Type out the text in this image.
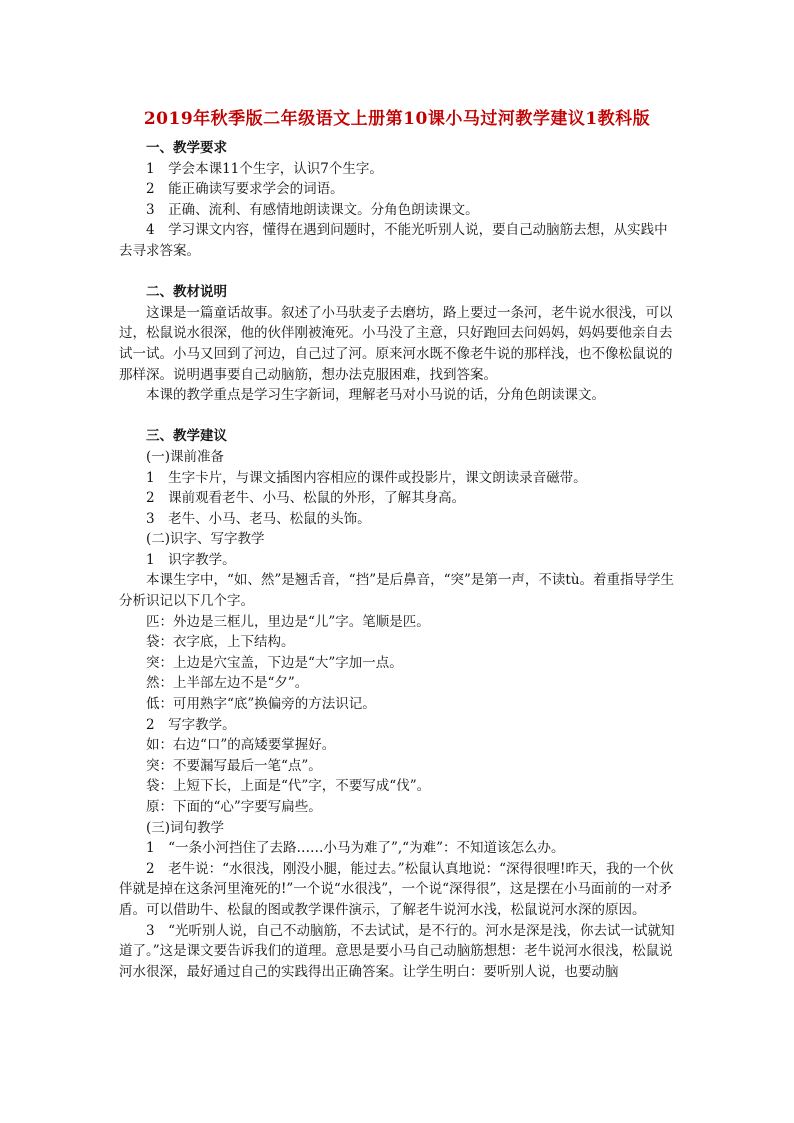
2019年秋季版二年级语文上册第10课小马过河教学建议1教科版

一、教学要求

1　学会本课11个生字，认识7个生字。

2　能正确读写要求学会的词语。

3　正确、流利、有感情地朗读课文。分角色朗读课文。

4　学习课文内容，懂得在遇到问题时，不能光听别人说，要自己动脑筋去想，从实践中去寻求答案。

二、教材说明

这课是一篇童话故事。叙述了小马驮麦子去磨坊，路上要过一条河，老牛说水很浅，可以过，松鼠说水很深，他的伙伴刚被淹死。小马没了主意，只好跑回去问妈妈，妈妈要他亲自去试一试。小马又回到了河边，自己过了河。原来河水既不像老牛说的那样浅，也不像松鼠说的那样深。说明遇事要自己动脑筋，想办法克服困难，找到答案。

本课的教学重点是学习生字新词，理解老马对小马说的话，分角色朗读课文。

三、教学建议

(一)课前准备

1　生字卡片，与课文插图内容相应的课件或投影片，课文朗读录音磁带。

2　课前观看老牛、小马、松鼠的外形，了解其身高。

3　老牛、小马、老马、松鼠的头饰。

(二)识字、写字教学

1　识字教学。

本课生字中，“如、然”是翘舌音，“挡”是后鼻音，“突”是第一声，不读tù。着重指导学生分析识记以下几个字。

匹：外边是三框儿，里边是“儿”字。笔顺是匹。

袋：衣字底，上下结构。

突：上边是穴宝盖，下边是“大”字加一点。

然：上半部左边不是“夕”。

低：可用熟字“底”换偏旁的方法识记。

2　写字教学。

如：右边“口”的高矮要掌握好。

突：不要漏写最后一笔“点”。

袋：上短下长，上面是“代”字，不要写成“伐”。

原：下面的“心”字要写扁些。

(三)词句教学

1　“一条小河挡住了去路……小马为难了”,“为难”：不知道该怎么办。

2　老牛说：“水很浅，刚没小腿，能过去。”松鼠认真地说：“深得很哩!昨天，我的一个伙伴就是掉在这条河里淹死的!”一个说“水很浅”，一个说“深得很”，这是摆在小马面前的一对矛盾。可以借助牛、松鼠的图或教学课件演示，了解老牛说河水浅，松鼠说河水深的原因。

3　“光听别人说，自己不动脑筋，不去试试，是不行的。河水是深是浅，你去试一试就知道了。”这是课文要告诉我们的道理。意思是要小马自己动脑筋想想：老牛说河水很浅，松鼠说河水很深，最好通过自己的实践得出正确答案。让学生明白：要听别人说，也要动脑
